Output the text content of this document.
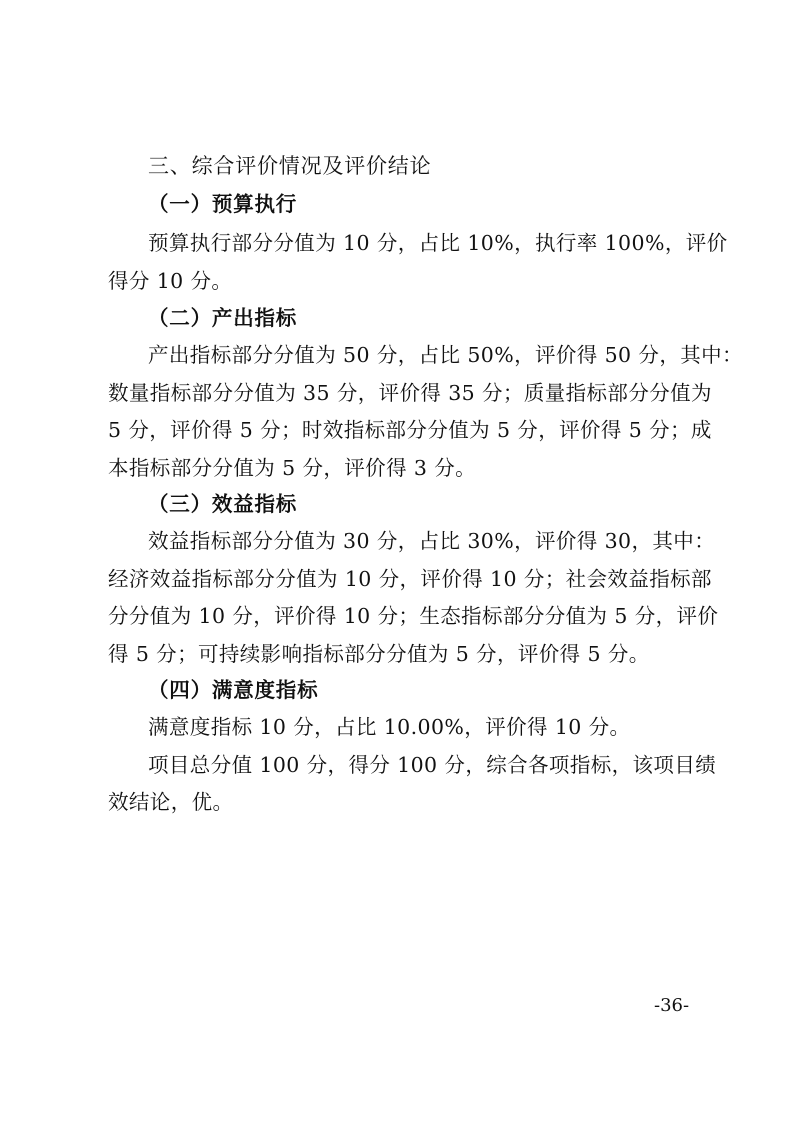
三、综合评价情况及评价结论
（一）预算执行
预算执行部分分值为 10 分，占比 10%，执行率 100%，评价
得分 10 分。
（二）产出指标
产出指标部分分值为 50 分，占比 50%，评价得 50 分，其中：
数量指标部分分值为 35 分，评价得 35 分；质量指标部分分值为
5 分，评价得 5 分；时效指标部分分值为 5 分，评价得 5 分；成
本指标部分分值为 5 分，评价得 3 分。
（三）效益指标
效益指标部分分值为 30 分，占比 30%，评价得 30，其中：
经济效益指标部分分值为 10 分，评价得 10 分；社会效益指标部
分分值为 10 分，评价得 10 分；生态指标部分分值为 5 分，评价
得 5 分；可持续影响指标部分分值为 5 分，评价得 5 分。
（四）满意度指标
满意度指标 10 分，占比 10.00%，评价得 10 分。
项目总分值 100 分，得分 100 分，综合各项指标，该项目绩
效结论，优。
-36-
